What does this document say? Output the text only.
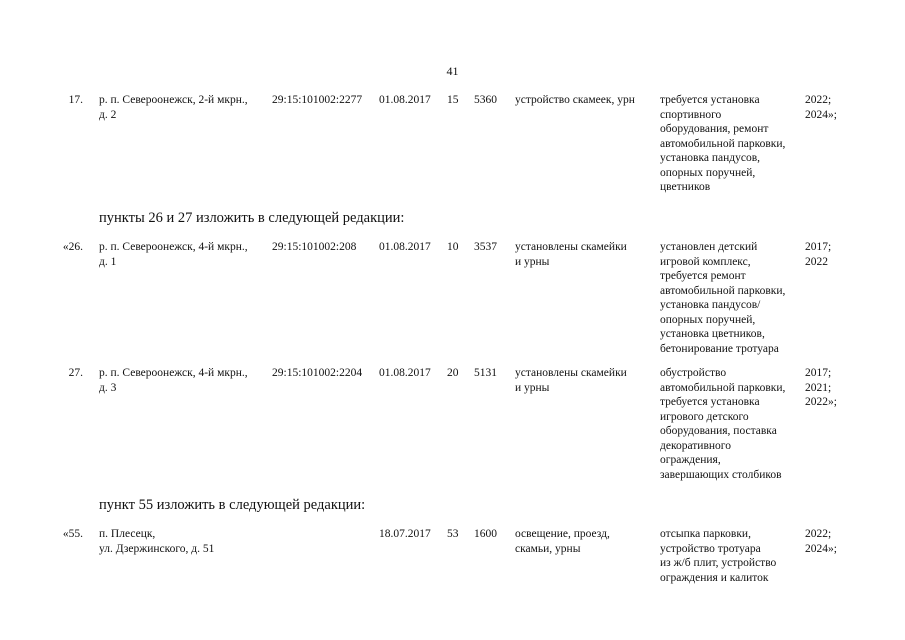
41
17. р. п. Североонежск, 2-й мкрн.,
д. 2
29:15:101002:2277 01.08.2017 15 5360 устройство скамеек, урн	требуется установка
спортивного
оборудования, ремонт
автомобильной парковки,
установка пандусов,
опорных поручней,
цветников
2022;
2024»;
пункты 26 и 27 изложить в следующей редакции:
«26. р. п. Североонежск, 4-й мкрн.,
д. 1
29:15:101002:208 01.08.2017 10 3537 установлены скамейки
и урны
установлен детский
игровой комплекс,
требуется ремонт
автомобильной парковки,
установка пандусов/
опорных поручней,
установка цветников,
бетонирование тротуара
2017;
2022
27. р. п. Североонежск, 4-й мкрн.,
д. 3
29:15:101002:2204 01.08.2017 20 5131 установлены скамейки
и урны
обустройство
автомобильной парковки,
требуется установка
игрового детского
оборудования, поставка
декоративного
ограждения,
завершающих столбиков
2017;
2021;
2022»;
пункт 55 изложить в следующей редакции:
«55. п. Плесецк,
ул. Дзержинского, д. 51
18.07.2017 53 1600 освещение, проезд,
скамьи, урны
отсыпка парковки,
устройство тротуара
из ж/б плит, устройство
ограждения и калиток
2022;
2024»;
